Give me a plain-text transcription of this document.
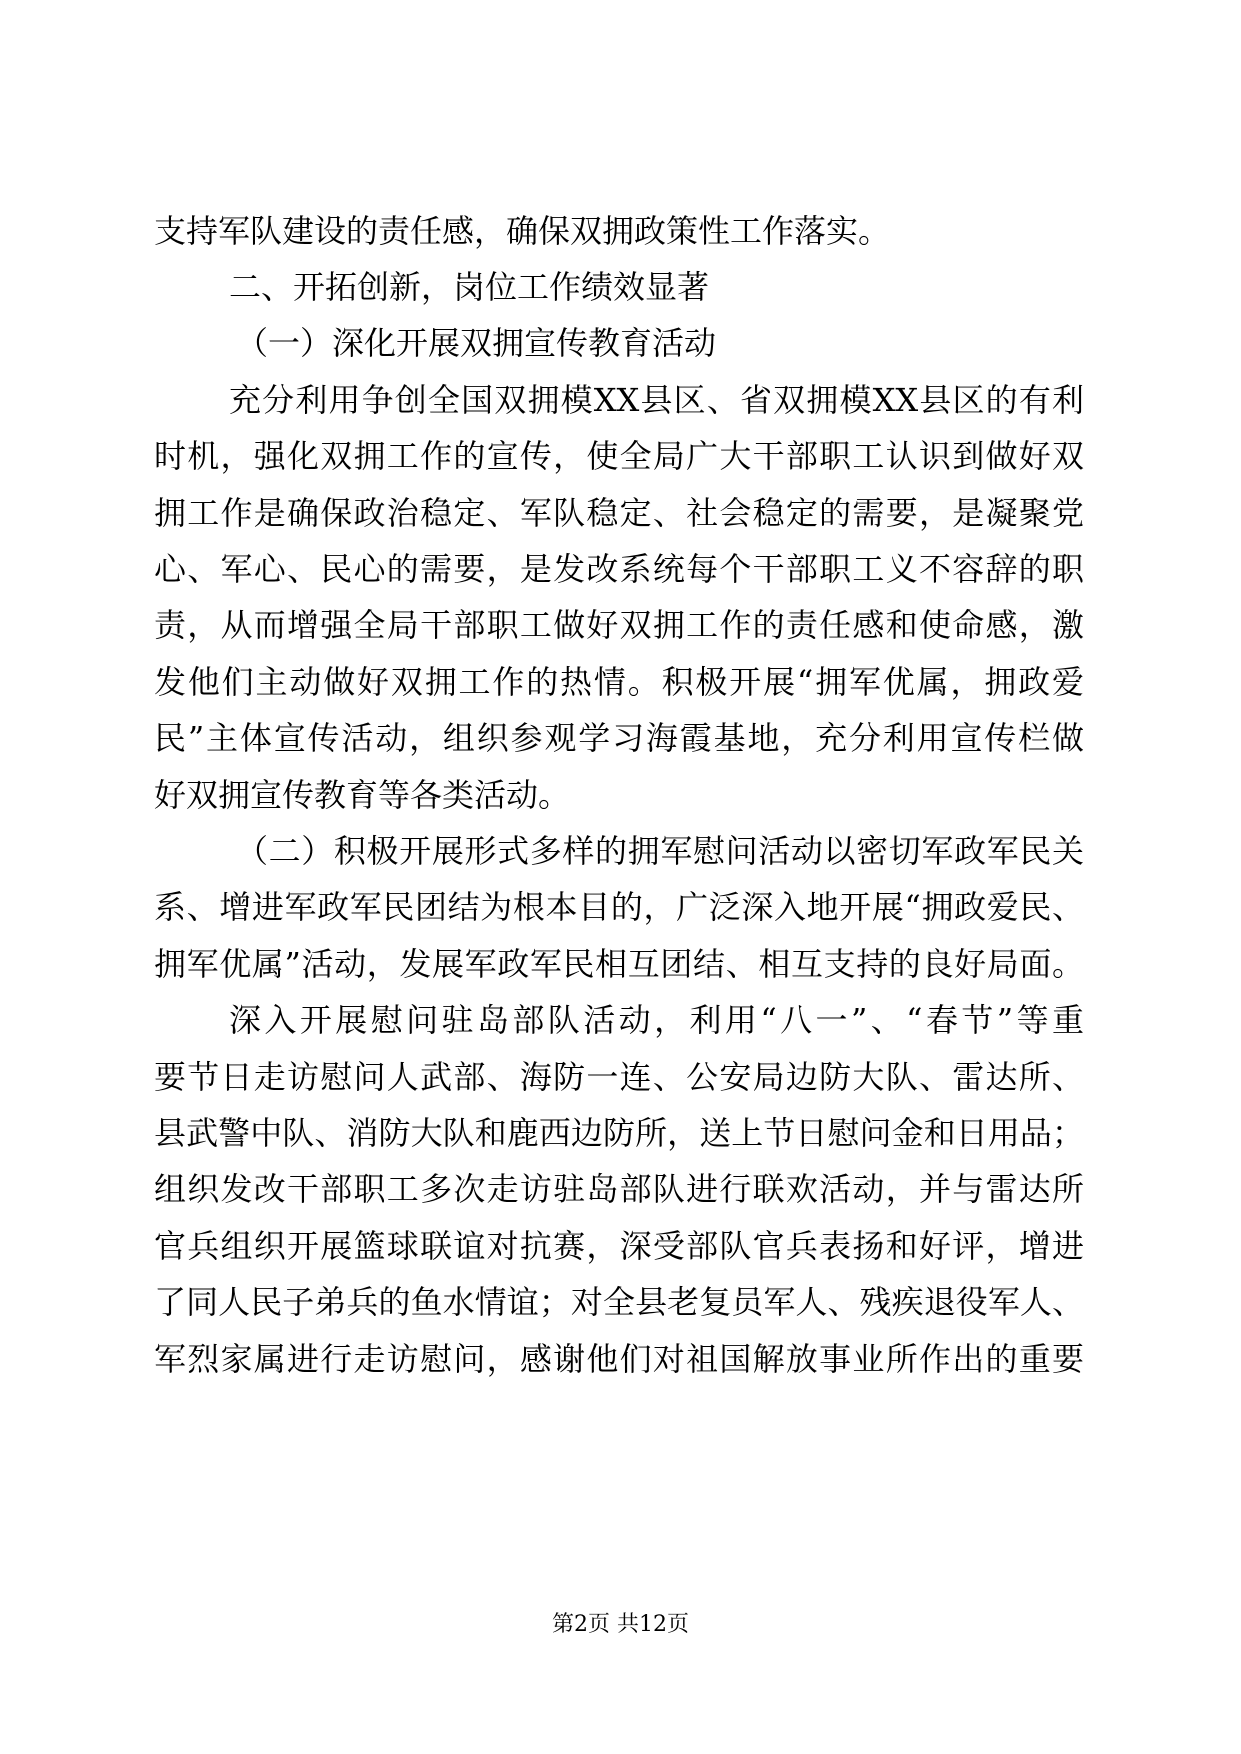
支持军队建设的责任感，确保双拥政策性工作落实。
二、开拓创新，岗位工作绩效显著
（一）深化开展双拥宣传教育活动
充分利用争创全国双拥模XX县区、省双拥模XX县区的有利
时机，强化双拥工作的宣传，使全局广大干部职工认识到做好双
拥工作是确保政治稳定、军队稳定、社会稳定的需要，是凝聚党
心、军心、民心的需要，是发改系统每个干部职工义不容辞的职
责，从而增强全局干部职工做好双拥工作的责任感和使命感，激
发他们主动做好双拥工作的热情。积极开展“拥军优属，拥政爱
民”主体宣传活动，组织参观学习海霞基地，充分利用宣传栏做
好双拥宣传教育等各类活动。
（二）积极开展形式多样的拥军慰问活动以密切军政军民关
系、增进军政军民团结为根本目的，广泛深入地开展“拥政爱民、
拥军优属”活动，发展军政军民相互团结、相互支持的良好局面。
深入开展慰问驻岛部队活动，利用“八一”、“春节”等重
要节日走访慰问人武部、海防一连、公安局边防大队、雷达所、
县武警中队、消防大队和鹿西边防所，送上节日慰问金和日用品；
组织发改干部职工多次走访驻岛部队进行联欢活动，并与雷达所
官兵组织开展篮球联谊对抗赛，深受部队官兵表扬和好评，增进
了同人民子弟兵的鱼水情谊；对全县老复员军人、残疾退役军人、
军烈家属进行走访慰问，感谢他们对祖国解放事业所作出的重要
第2页 共12页
